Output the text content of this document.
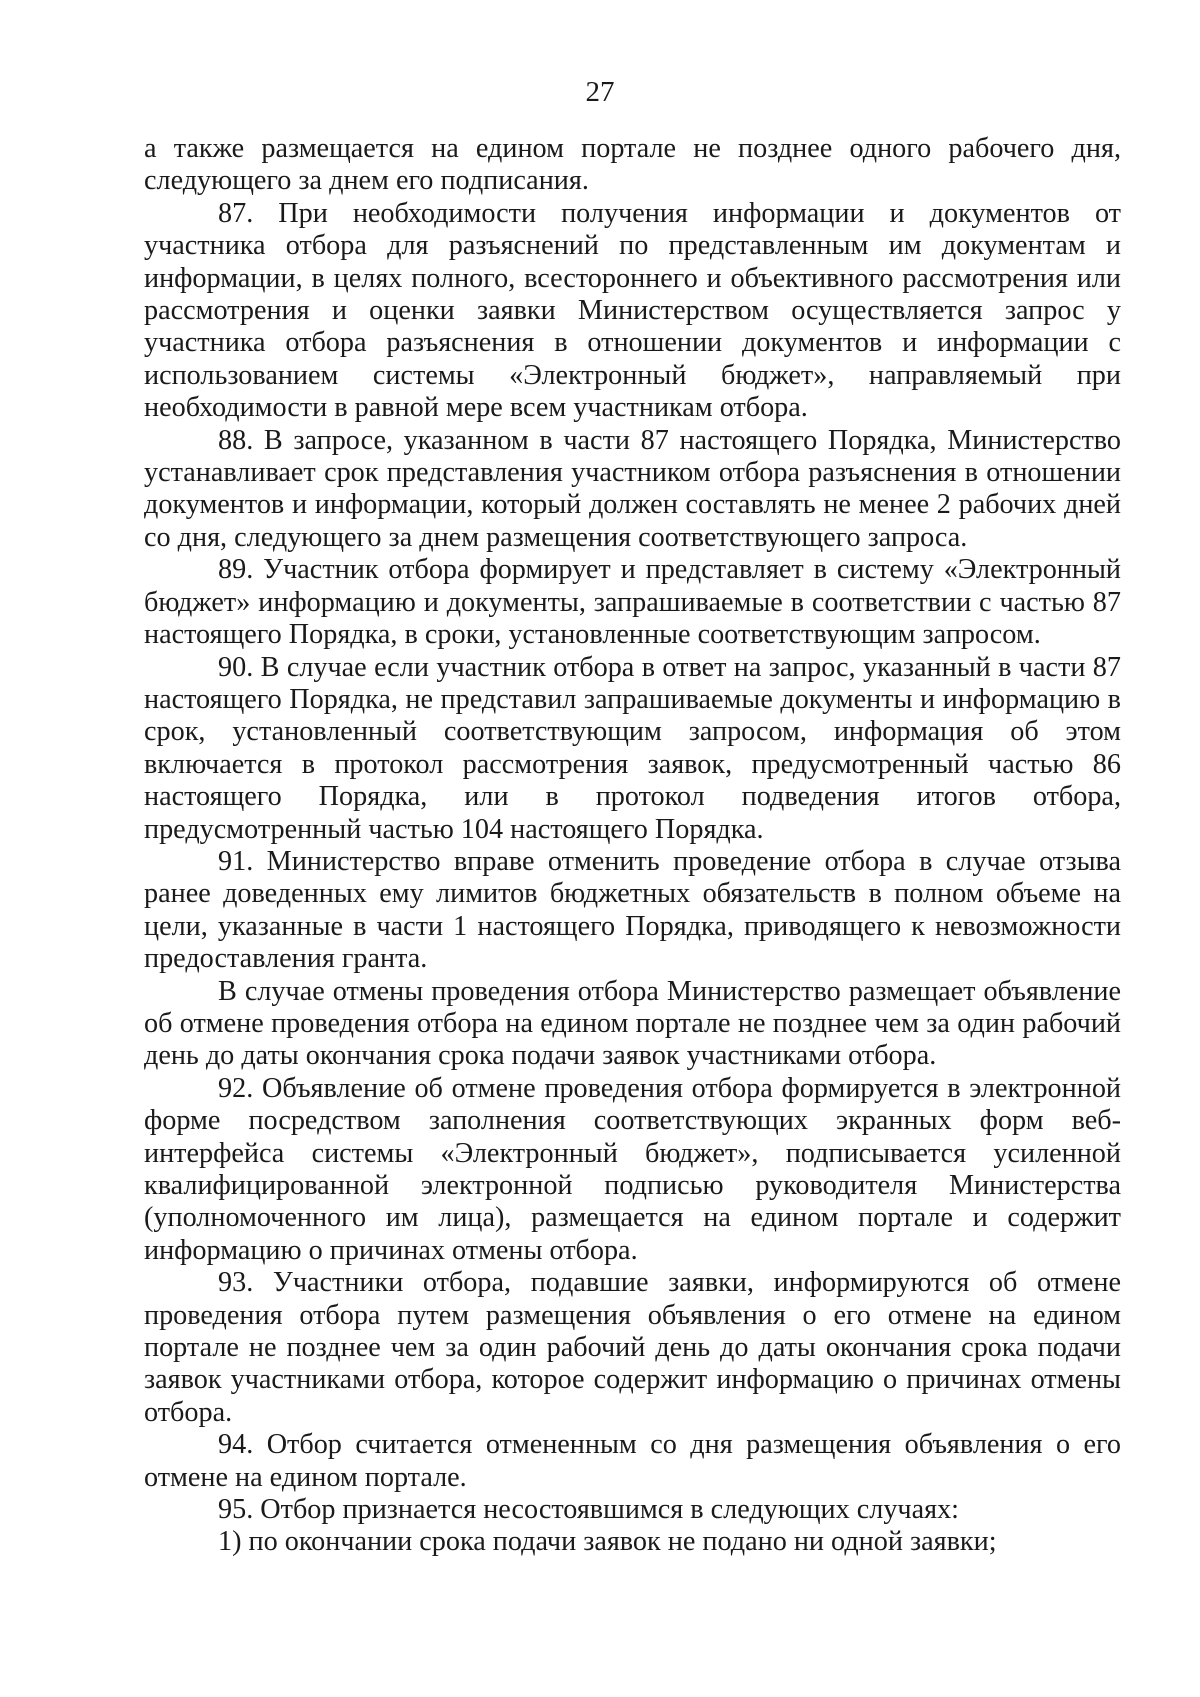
27

а также размещается на едином портале не позднее одного рабочего дня, следующего за днем его подписания.

87. При необходимости получения информации и документов от участника отбора для разъяснений по представленным им документам и информации, в целях полного, всестороннего и объективного рассмотрения или рассмотрения и оценки заявки Министерством осуществляется запрос у участника отбора разъяснения в отношении документов и информации с использованием системы «Электронный бюджет», направляемый при необходимости в равной мере всем участникам отбора.

88. В запросе, указанном в части 87 настоящего Порядка, Министерство устанавливает срок представления участником отбора разъяснения в отношении документов и информации, который должен составлять не менее 2 рабочих дней со дня, следующего за днем размещения соответствующего запроса.

89. Участник отбора формирует и представляет в систему «Электронный бюджет» информацию и документы, запрашиваемые в соответствии с частью 87 настоящего Порядка, в сроки, установленные соответствующим запросом.

90. В случае если участник отбора в ответ на запрос, указанный в части 87 настоящего Порядка, не представил запрашиваемые документы и информацию в срок, установленный соответствующим запросом, информация об этом включается в протокол рассмотрения заявок, предусмотренный частью 86 настоящего Порядка, или в протокол подведения итогов отбора, предусмотренный частью 104 настоящего Порядка.

91. Министерство вправе отменить проведение отбора в случае отзыва ранее доведенных ему лимитов бюджетных обязательств в полном объеме на цели, указанные в части 1 настоящего Порядка, приводящего к невозможности предоставления гранта.

В случае отмены проведения отбора Министерство размещает объявление об отмене проведения отбора на едином портале не позднее чем за один рабочий день до даты окончания срока подачи заявок участниками отбора.

92. Объявление об отмене проведения отбора формируется в электронной форме посредством заполнения соответствующих экранных форм веб-интерфейса системы «Электронный бюджет», подписывается усиленной квалифицированной электронной подписью руководителя Министерства (уполномоченного им лица), размещается на едином портале и содержит информацию о причинах отмены отбора.

93. Участники отбора, подавшие заявки, информируются об отмене проведения отбора путем размещения объявления о его отмене на едином портале не позднее чем за один рабочий день до даты окончания срока подачи заявок участниками отбора, которое содержит информацию о причинах отмены отбора.

94. Отбор считается отмененным со дня размещения объявления о его отмене на едином портале.

95. Отбор признается несостоявшимся в следующих случаях:

1) по окончании срока подачи заявок не подано ни одной заявки;
